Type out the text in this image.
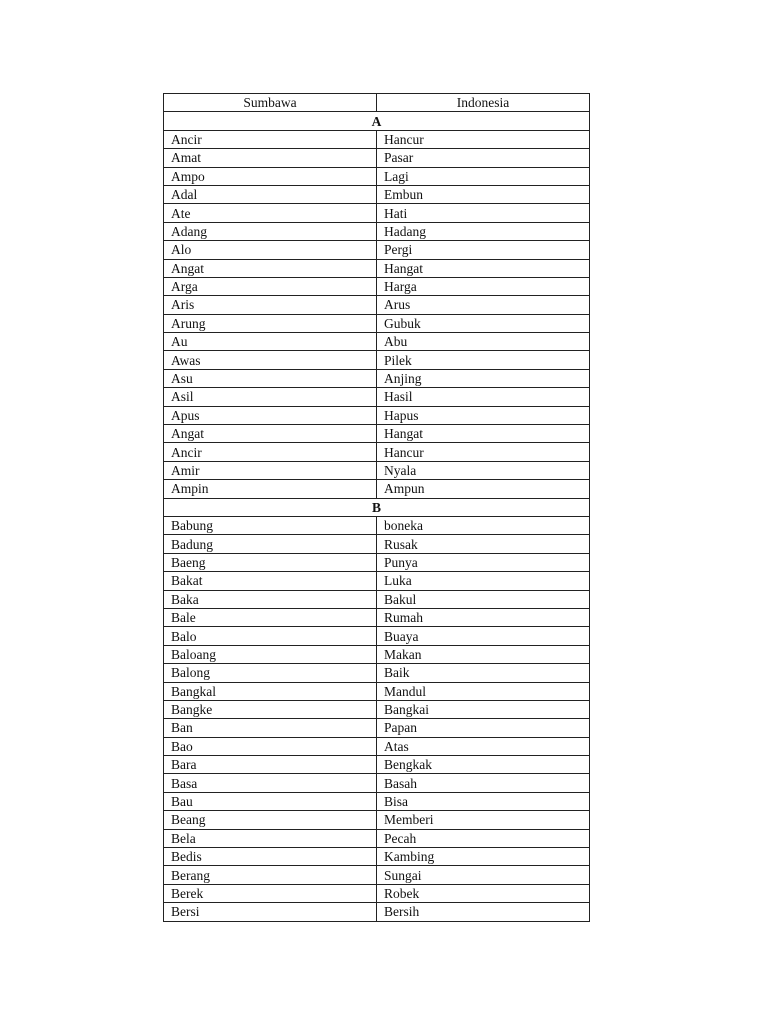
Sumbawa	Indonesia
A	
Ancir	Hancur
Amat	Pasar
Ampo	Lagi
Adal	Embun
Ate	Hati
Adang	Hadang
Alo	Pergi
Angat	Hangat
Arga	Harga
Aris	Arus
Arung	Gubuk
Au	Abu
Awas	Pilek
Asu	Anjing
Asil	Hasil
Apus	Hapus
Angat	Hangat
Ancir	Hancur
Amir	Nyala
Ampin	Ampun
B	
Babung	boneka
Badung	Rusak
Baeng	Punya
Bakat	Luka
Baka	Bakul
Bale	Rumah
Balo	Buaya
Baloang	Makan
Balong	Baik
Bangkal	Mandul
Bangke	Bangkai
Ban	Papan
Bao	Atas
Bara	Bengkak
Basa	Basah
Bau	Bisa
Beang	Memberi
Bela	Pecah
Bedis	Kambing
Berang	Sungai
Berek	Robek
Bersi	Bersih
